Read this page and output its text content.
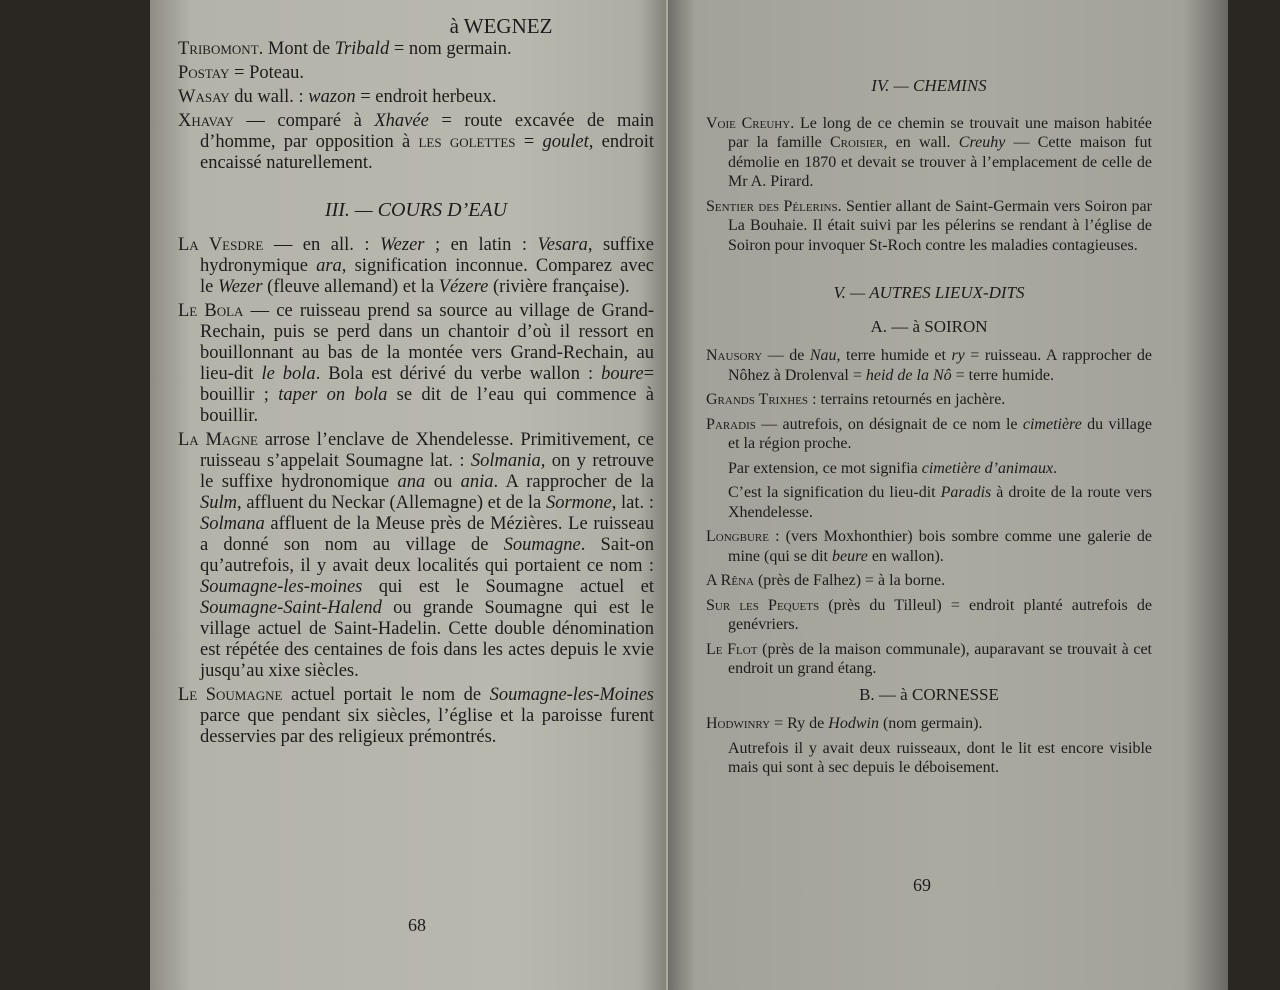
à WEGNEZ

Tribomont. Mont de Tribald = nom germain.

Postay = Poteau.

Wasay du wall. : wazon = endroit herbeux.

Xhavay — comparé à Xhavée = route excavée de main d’homme, par opposition à les golettes = goulet, endroit encaissé naturellement.

III. — COURS D’EAU

La Vesdre — en all. : Wezer ; en latin : Vesara, suffixe hydronymique ara, signification inconnue. Comparez avec le Wezer (fleuve allemand) et la Vézere (rivière française).

Le Bola — ce ruisseau prend sa source au village de Grand-Rechain, puis se perd dans un chantoir d’où il ressort en bouillonnant au bas de la montée vers Grand-Rechain, au lieu-dit le bola. Bola est dérivé du verbe wallon : boure= bouillir ; taper on bola se dit de l’eau qui commence à bouillir.

La Magne arrose l’enclave de Xhendelesse. Primitivement, ce ruisseau s’appelait Soumagne lat. : Solmania, on y retrouve le suffixe hydronomique ana ou ania. A rapprocher de la Sulm, affluent du Neckar (Allemagne) et de la Sormone, lat. : Solmana affluent de la Meuse près de Mézières. Le ruisseau a donné son nom au village de Soumagne. Sait-on qu’autrefois, il y avait deux localités qui portaient ce nom : Soumagne-les-moines qui est le Soumagne actuel et Soumagne-Saint-Halend ou grande Soumagne qui est le village actuel de Saint-Hadelin. Cette double dénomination est répétée des centaines de fois dans les actes depuis le xvie jusqu’au xixe siècles.

Le Soumagne actuel portait le nom de Soumagne-les-Moines parce que pendant six siècles, l’église et la paroisse furent desservies par des religieux prémontrés.

68
IV. — CHEMINS

Voie Creuhy. Le long de ce chemin se trouvait une maison habitée par la famille Croisier, en wall. Creuhy — Cette maison fut démolie en 1870 et devait se trouver à l’emplacement de celle de Mr A. Pirard.

Sentier des Pélerins. Sentier allant de Saint-Germain vers Soiron par La Bouhaie. Il était suivi par les pélerins se rendant à l’église de Soiron pour invoquer St-Roch contre les maladies contagieuses.

V. — AUTRES LIEUX-DITS
A. — à SOIRON

Nausory — de Nau, terre humide et ry = ruisseau. A rapprocher de Nôhez à Drolenval = heid de la Nô = terre humide.

Grands Trixhes : terrains retournés en jachère.

Paradis — autrefois, on désignait de ce nom le cimetière du village et la région proche.

Par extension, ce mot signifia cimetière d’animaux.

C’est la signification du lieu-dit Paradis à droite de la route vers Xhendelesse.

Longbure : (vers Moxhonthier) bois sombre comme une galerie de mine (qui se dit beure en wallon).

A Rêna (près de Falhez) = à la borne.

Sur les Pequets (près du Tilleul) = endroit planté autrefois de genévriers.

Le Flot (près de la maison communale), auparavant se trouvait à cet endroit un grand étang.

B. — à CORNESSE

Hodwinry = Ry de Hodwin (nom germain).

Autrefois il y avait deux ruisseaux, dont le lit est encore visible mais qui sont à sec depuis le déboisement.

69
